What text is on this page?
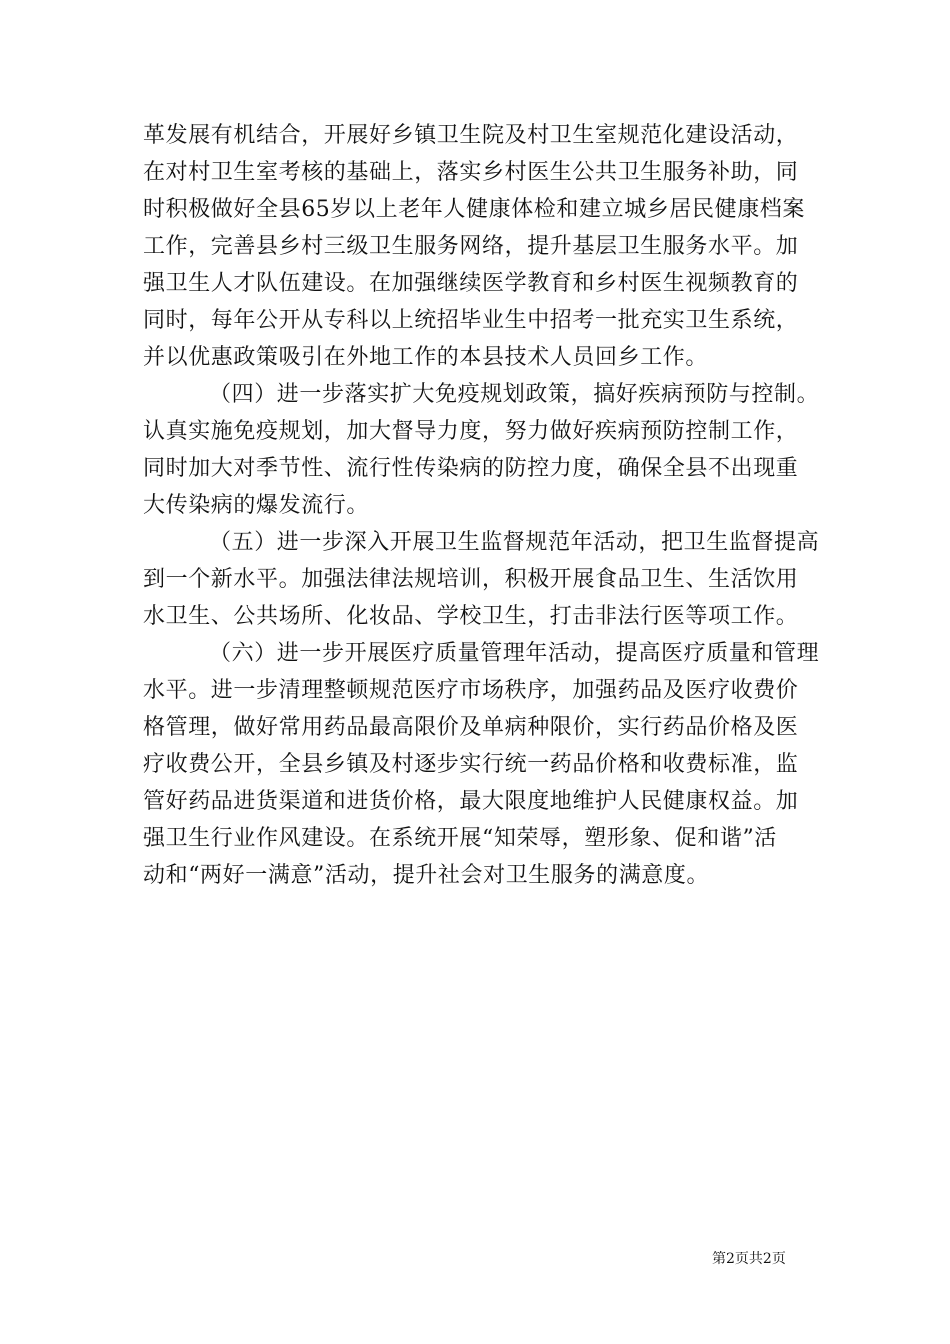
革发展有机结合，开展好乡镇卫生院及村卫生室规范化建设活动，
在对村卫生室考核的基础上，落实乡村医生公共卫生服务补助，同
时积极做好全县65岁以上老年人健康体检和建立城乡居民健康档案
工作，完善县乡村三级卫生服务网络，提升基层卫生服务水平。加
强卫生人才队伍建设。在加强继续医学教育和乡村医生视频教育的
同时，每年公开从专科以上统招毕业生中招考一批充实卫生系统，
并以优惠政策吸引在外地工作的本县技术人员回乡工作。
（四）进一步落实扩大免疫规划政策，搞好疾病预防与控制。
认真实施免疫规划，加大督导力度，努力做好疾病预防控制工作，
同时加大对季节性、流行性传染病的防控力度，确保全县不出现重
大传染病的爆发流行。
（五）进一步深入开展卫生监督规范年活动，把卫生监督提高
到一个新水平。加强法律法规培训，积极开展食品卫生、生活饮用
水卫生、公共场所、化妆品、学校卫生，打击非法行医等项工作。
（六）进一步开展医疗质量管理年活动，提高医疗质量和管理
水平。进一步清理整顿规范医疗市场秩序，加强药品及医疗收费价
格管理，做好常用药品最高限价及单病种限价，实行药品价格及医
疗收费公开，全县乡镇及村逐步实行统一药品价格和收费标准，监
管好药品进货渠道和进货价格，最大限度地维护人民健康权益。加
强卫生行业作风建设。在系统开展“知荣辱，塑形象、促和谐”活
动和“两好一满意”活动，提升社会对卫生服务的满意度。
第2页共2页
